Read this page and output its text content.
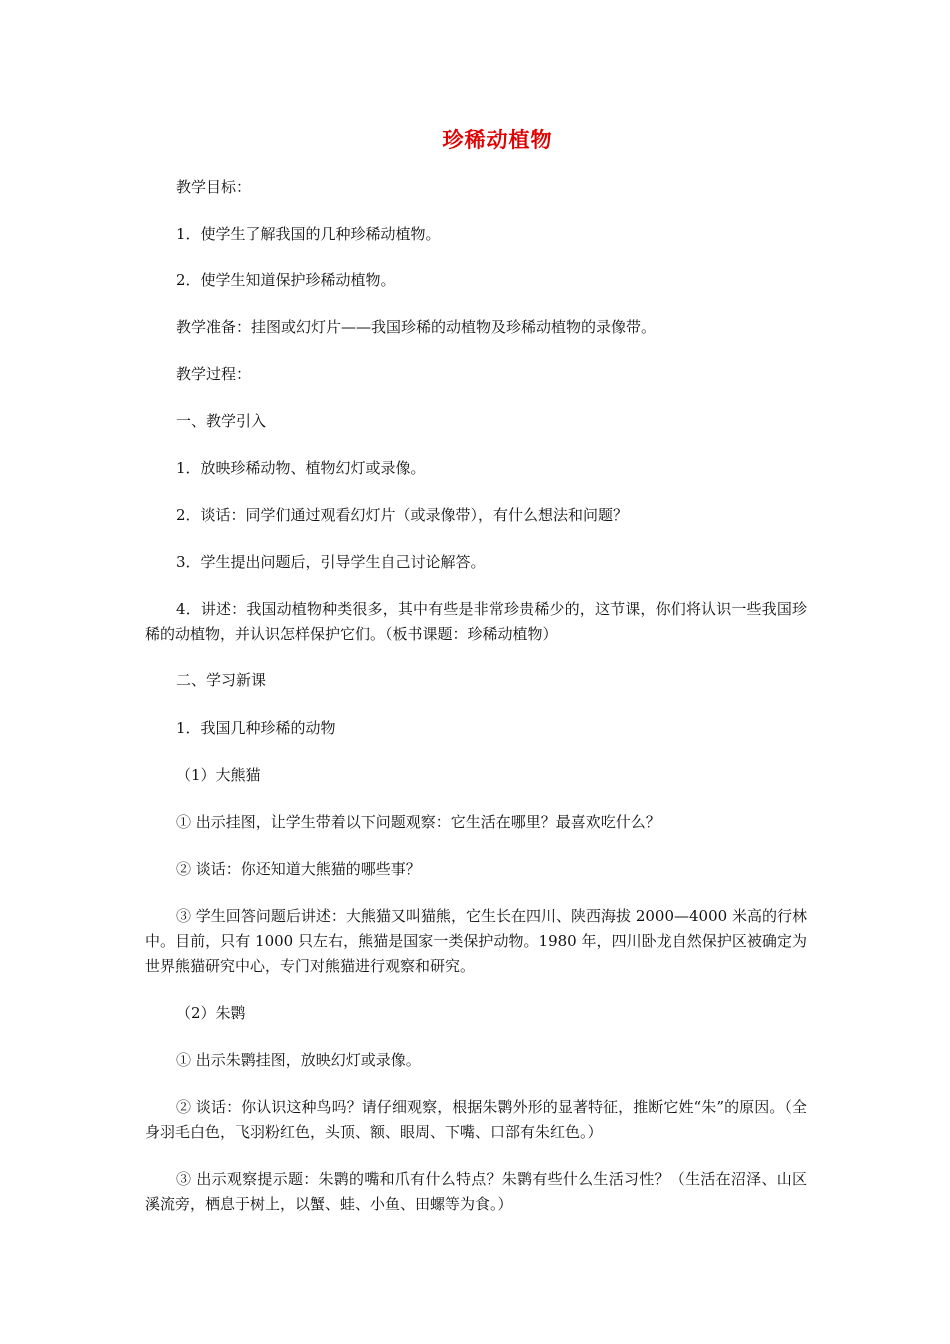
珍稀动植物
教学目标：
1．使学生了解我国的几种珍稀动植物。
2．使学生知道保护珍稀动植物。
教学准备：挂图或幻灯片——我国珍稀的动植物及珍稀动植物的录像带。
教学过程：
一、教学引入
1．放映珍稀动物、植物幻灯或录像。
2．谈话：同学们通过观看幻灯片（或录像带），有什么想法和问题？
3．学生提出问题后，引导学生自己讨论解答。
4．讲述：我国动植物种类很多，其中有些是非常珍贵稀少的，这节课，你们将认识一些我国珍稀的动植物，并认识怎样保护它们。（板书课题：珍稀动植物）
二、学习新课
1．我国几种珍稀的动物
（1）大熊猫
① 出示挂图，让学生带着以下问题观察：它生活在哪里？最喜欢吃什么？
② 谈话：你还知道大熊猫的哪些事？
③ 学生回答问题后讲述：大熊猫又叫猫熊，它生长在四川、陕西海拔 2000—4000 米高的行林中。目前，只有 1000 只左右，熊猫是国家一类保护动物。1980 年，四川卧龙自然保护区被确定为世界熊猫研究中心，专门对熊猫进行观察和研究。
（2）朱鹮
① 出示朱鹮挂图，放映幻灯或录像。
② 谈话：你认识这种鸟吗？请仔细观察，根据朱鹮外形的显著特征，推断它姓“朱”的原因。（全身羽毛白色，飞羽粉红色，头顶、额、眼周、下嘴、口部有朱红色。）
③ 出示观察提示题：朱鹮的嘴和爪有什么特点？朱鹮有些什么生活习性？（生活在沼泽、山区溪流旁，栖息于树上，以蟹、蛙、小鱼、田螺等为食。）
